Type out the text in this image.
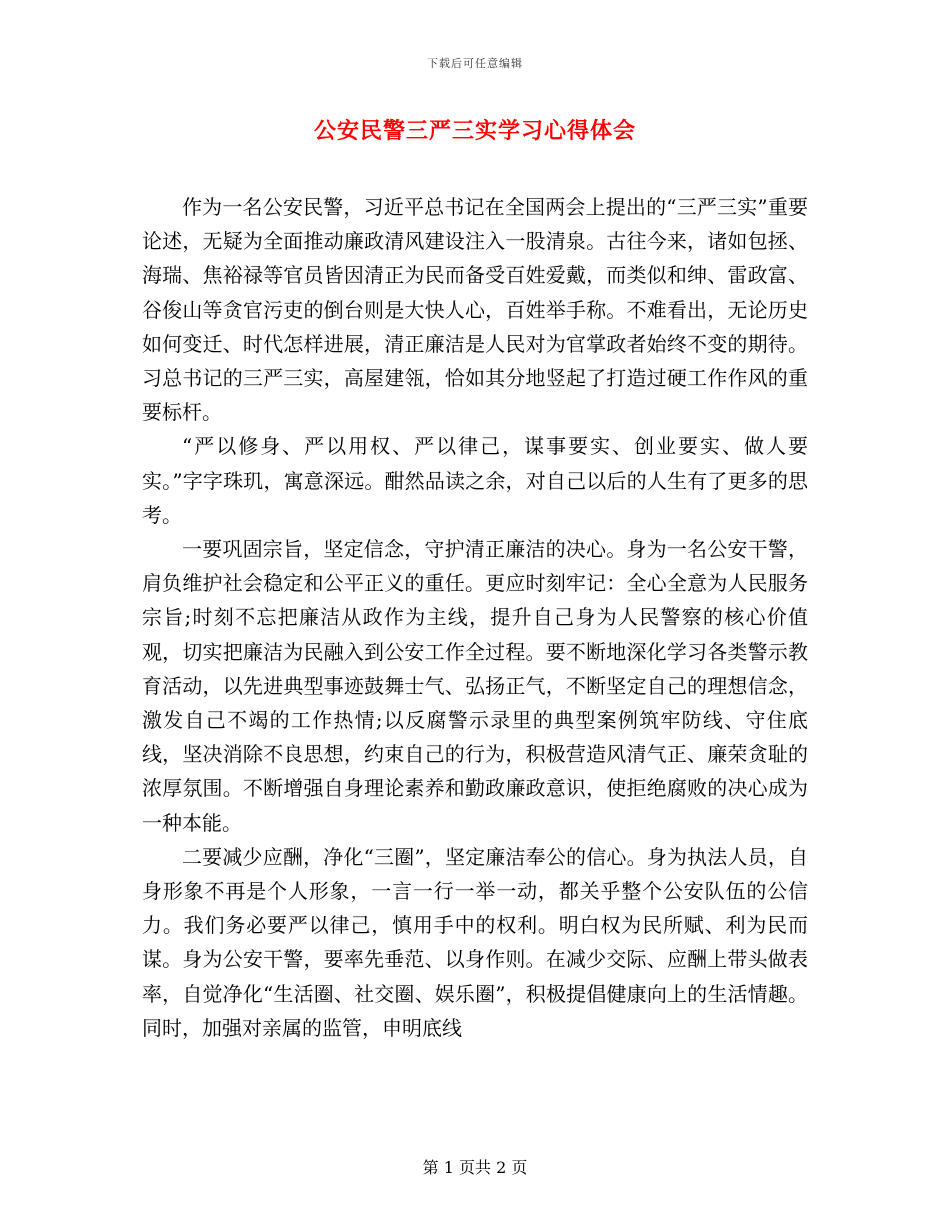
下载后可任意编辑
公安民警三严三实学习心得体会

作为一名公安民警，习近平总书记在全国两会上提出的“三严三实”重要论述，无疑为全面推动廉政清风建设注入一股清泉。古往今来，诸如包拯、海瑞、焦裕禄等官员皆因清正为民而备受百姓爱戴，而类似和绅、雷政富、谷俊山等贪官污吏的倒台则是大快人心，百姓举手称。不难看出，无论历史如何变迁、时代怎样进展，清正廉洁是人民对为官掌政者始终不变的期待。习总书记的三严三实，高屋建瓴，恰如其分地竖起了打造过硬工作作风的重要标杆。

“严以修身、严以用权、严以律己，谋事要实、创业要实、做人要实。”字字珠玑，寓意深远。酣然品读之余，对自己以后的人生有了更多的思考。

一要巩固宗旨，坚定信念，守护清正廉洁的决心。身为一名公安干警，肩负维护社会稳定和公平正义的重任。更应时刻牢记：全心全意为人民服务宗旨;时刻不忘把廉洁从政作为主线，提升自己身为人民警察的核心价值观，切实把廉洁为民融入到公安工作全过程。要不断地深化学习各类警示教育活动，以先进典型事迹鼓舞士气、弘扬正气，不断坚定自己的理想信念，激发自己不竭的工作热情;以反腐警示录里的典型案例筑牢防线、守住底线，坚决消除不良思想，约束自己的行为，积极营造风清气正、廉荣贪耻的浓厚氛围。不断增强自身理论素养和勤政廉政意识，使拒绝腐败的决心成为一种本能。

二要减少应酬，净化“三圈”，坚定廉洁奉公的信心。身为执法人员，自身形象不再是个人形象，一言一行一举一动，都关乎整个公安队伍的公信力。我们务必要严以律己，慎用手中的权利。明白权为民所赋、利为民而谋。身为公安干警，要率先垂范、以身作则。在减少交际、应酬上带头做表率，自觉净化“生活圈、社交圈、娱乐圈”，积极提倡健康向上的生活情趣。同时，加强对亲属的监管，申明底线

第 1 页共 2 页
